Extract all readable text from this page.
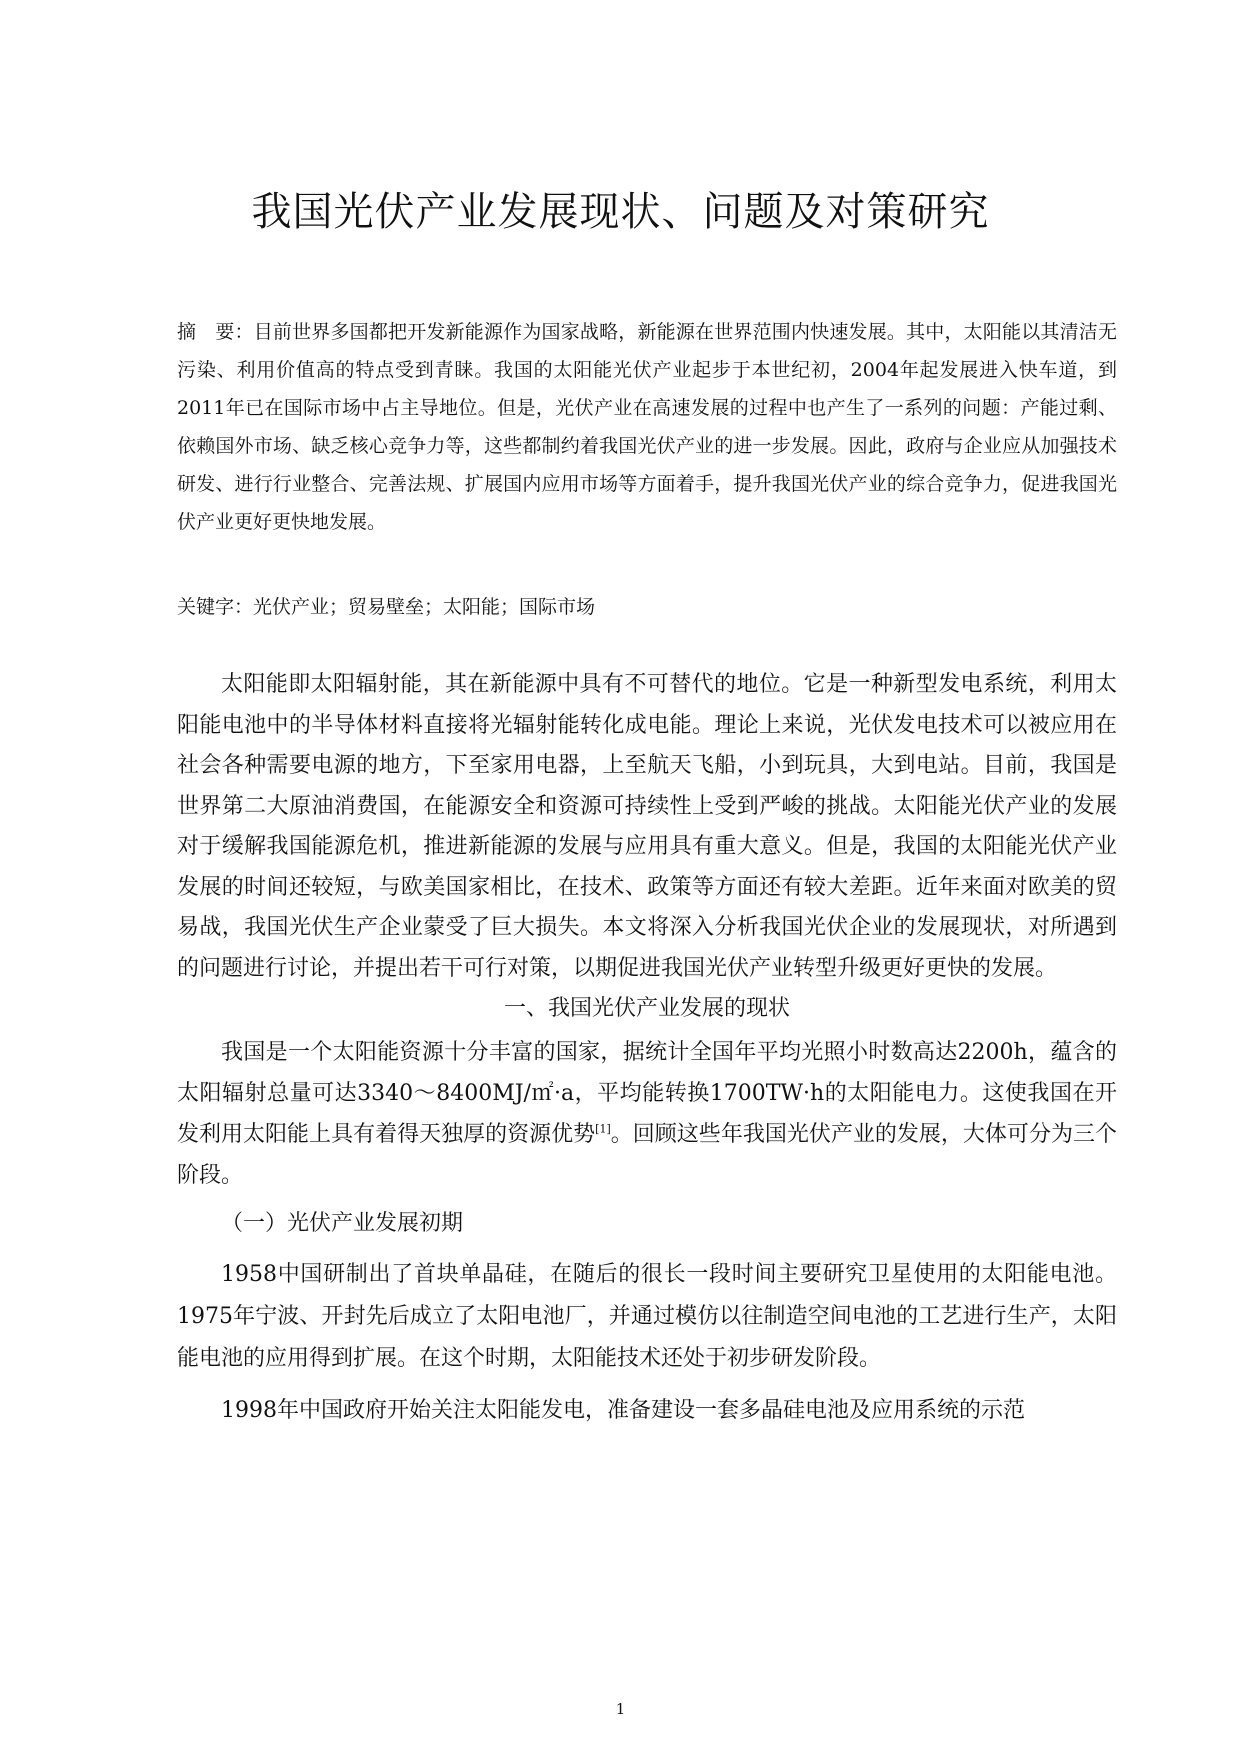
我国光伏产业发展现状、问题及对策研究

摘　要：目前世界多国都把开发新能源作为国家战略，新能源在世界范围内快速发展。其中，太阳能以其清洁无污染、利用价值高的特点受到青睐。我国的太阳能光伏产业起步于本世纪初，2004年起发展进入快车道，到2011年已在国际市场中占主导地位。但是，光伏产业在高速发展的过程中也产生了一系列的问题：产能过剩、依赖国外市场、缺乏核心竞争力等，这些都制约着我国光伏产业的进一步发展。因此，政府与企业应从加强技术研发、进行行业整合、完善法规、扩展国内应用市场等方面着手，提升我国光伏产业的综合竞争力，促进我国光伏产业更好更快地发展。

关键字：光伏产业；贸易壁垒；太阳能；国际市场

太阳能即太阳辐射能，其在新能源中具有不可替代的地位。它是一种新型发电系统，利用太阳能电池中的半导体材料直接将光辐射能转化成电能。理论上来说，光伏发电技术可以被应用在社会各种需要电源的地方，下至家用电器，上至航天飞船，小到玩具，大到电站。目前，我国是世界第二大原油消费国，在能源安全和资源可持续性上受到严峻的挑战。太阳能光伏产业的发展对于缓解我国能源危机，推进新能源的发展与应用具有重大意义。但是，我国的太阳能光伏产业发展的时间还较短，与欧美国家相比，在技术、政策等方面还有较大差距。近年来面对欧美的贸易战，我国光伏生产企业蒙受了巨大损失。本文将深入分析我国光伏企业的发展现状，对所遇到的问题进行讨论，并提出若干可行对策，以期促进我国光伏产业转型升级更好更快的发展。

一、我国光伏产业发展的现状

我国是一个太阳能资源十分丰富的国家，据统计全国年平均光照小时数高达2200h，蕴含的太阳辐射总量可达3340～8400MJ/㎡·a，平均能转换1700TW·h的太阳能电力。这使我国在开发利用太阳能上具有着得天独厚的资源优势[1]。回顾这些年我国光伏产业的发展，大体可分为三个阶段。

（一）光伏产业发展初期

1958中国研制出了首块单晶硅，在随后的很长一段时间主要研究卫星使用的太阳能电池。1975年宁波、开封先后成立了太阳电池厂，并通过模仿以往制造空间电池的工艺进行生产，太阳能电池的应用得到扩展。在这个时期，太阳能技术还处于初步研发阶段。

1998年中国政府开始关注太阳能发电，准备建设一套多晶硅电池及应用系统的示范

1
